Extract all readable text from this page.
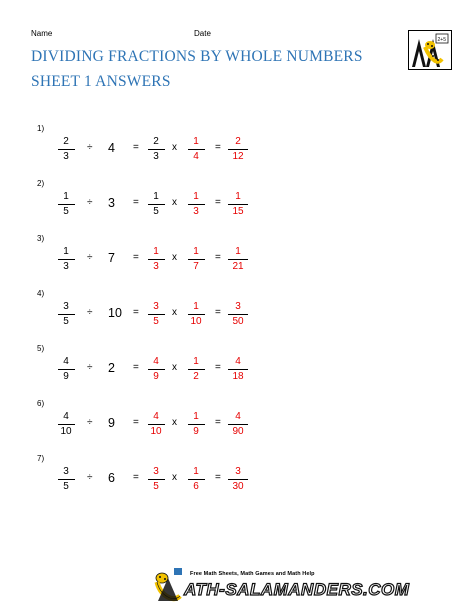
Name	Date
DIVIDING FRACTIONS BY WHOLE NUMBERS
SHEET 1 ANSWERS
2+5
1)
2
3
÷ 4 =
2
3
x
1
4
=
2
12
2)
1
5
÷ 3 =
1
5
x
1
3
=
1
15
3)
1
3
÷ 7 =
1
3
x
1
7
=
1
21
4)
3
5
÷ 10 =
3
5
x
1
10
=
3
50
5)
4
9
÷ 2 =
4
9
x
1
2
=
4
18
6)
4
10
÷ 9 =
4
10
x
1
9
=
4
90
7)
3
5
÷ 6 =
3
5
x
1
6
=
3
30
Free Math Sheets, Math Games and Math Help
ATH-SALAMANDERS.COM
